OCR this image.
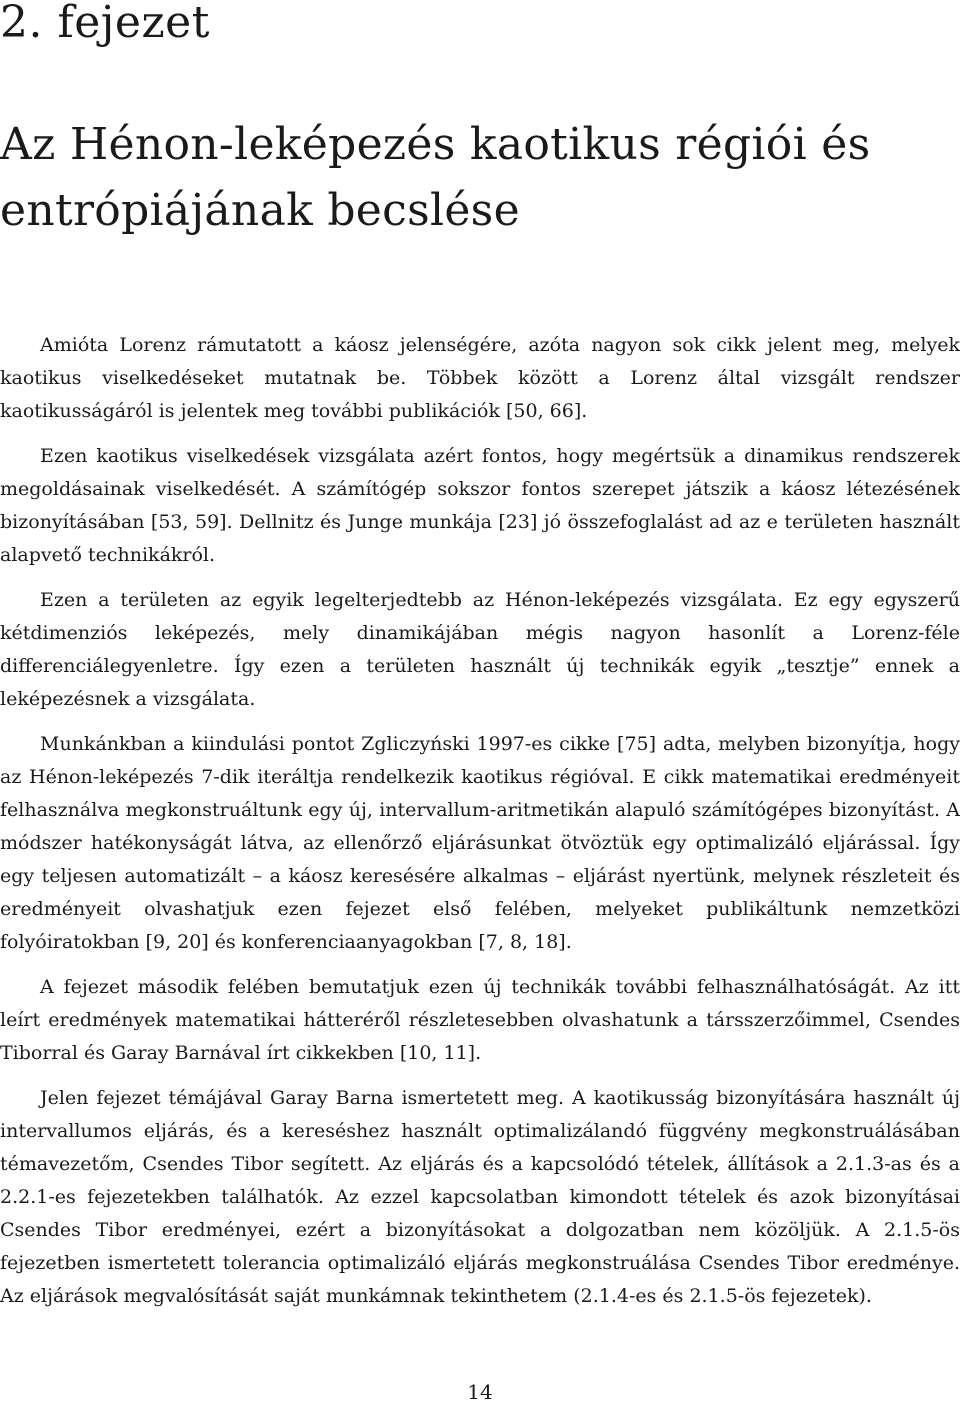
2. fejezet
Az Hénon-leképezés kaotikus régiói és entrópiájának becslése

Amióta Lorenz rámutatott a káosz jelenségére, azóta nagyon sok cikk jelent meg, melyek kaotikus viselkedéseket mutatnak be. Többek között a Lorenz által vizsgált rendszer kaotikusságáról is jelentek meg további publikációk [50, 66].

Ezen kaotikus viselkedések vizsgálata azért fontos, hogy megértsük a dinamikus rendszerek megoldásainak viselkedését. A számítógép sokszor fontos szerepet játszik a káosz létezésének bizonyításában [53, 59]. Dellnitz és Junge munkája [23] jó összefoglalást ad az e területen használt alapvető technikákról.

Ezen a területen az egyik legelterjedtebb az Hénon-leképezés vizsgálata. Ez egy egyszerű kétdimenziós leképezés, mely dinamikájában mégis nagyon hasonlít a Lorenz-féle differenciálegyenletre. Így ezen a területen használt új technikák egyik „tesztje” ennek a leképezésnek a vizsgálata.

Munkánkban a kiindulási pontot Zgliczyński 1997-es cikke [75] adta, melyben bizonyítja, hogy az Hénon-leképezés 7-dik iteráltja rendelkezik kaotikus régióval. E cikk matematikai eredményeit felhasználva megkonstruáltunk egy új, intervallum-aritmetikán alapuló számítógépes bizonyítást. A módszer hatékonyságát látva, az ellenőrző eljárásunkat ötvöztük egy optimalizáló eljárással. Így egy teljesen automatizált – a káosz keresésére alkalmas – eljárást nyertünk, melynek részleteit és eredményeit olvashatjuk ezen fejezet első felében, melyeket publikáltunk nemzetközi folyóiratokban [9, 20] és konferenciaanyagokban [7, 8, 18].

A fejezet második felében bemutatjuk ezen új technikák további felhasználhatóságát. Az itt leírt eredmények matematikai hátteréről részletesebben olvashatunk a társszerzőimmel, Csendes Tiborral és Garay Barnával írt cikkekben [10, 11].

Jelen fejezet témájával Garay Barna ismertetett meg. A kaotikusság bizonyítására használt új intervallumos eljárás, és a kereséshez használt optimalizálandó függvény megkonstruálásában témavezetőm, Csendes Tibor segített. Az eljárás és a kapcsolódó tételek, állítások a 2.1.3-as és a 2.2.1-es fejezetekben találhatók. Az ezzel kapcsolatban kimondott tételek és azok bizonyításai Csendes Tibor eredményei, ezért a bizonyításokat a dolgozatban nem közöljük. A 2.1.5-ös fejezetben ismertetett tolerancia optimalizáló eljárás megkonstruálása Csendes Tibor eredménye. Az eljárások megvalósítását saját munkámnak tekinthetem (2.1.4-es és 2.1.5-ös fejezetek).

14
